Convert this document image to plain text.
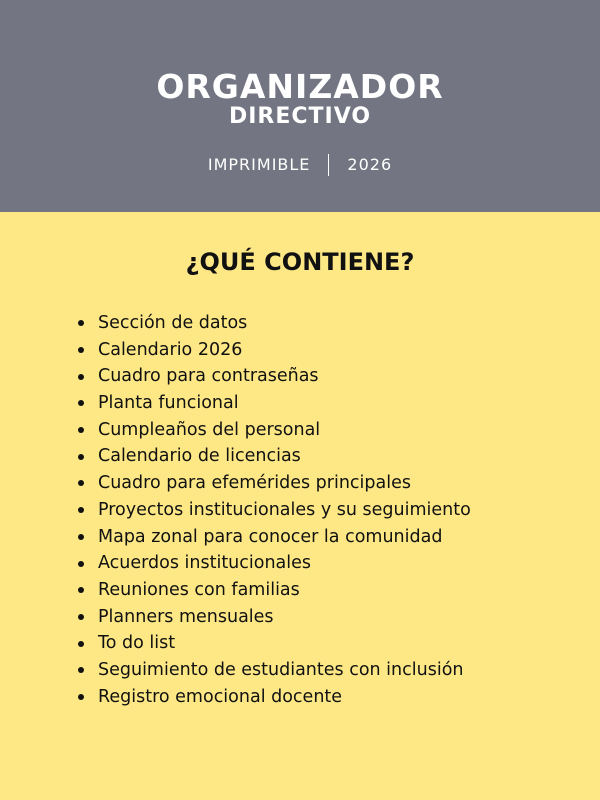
ORGANIZADOR
DIRECTIVO
IMPRIMIBLE 2026
¿QUÉ CONTIENE?
Sección de datos
Calendario 2026
Cuadro para contraseñas
Planta funcional
Cumpleaños del personal
Calendario de licencias
Cuadro para efemérides principales
Proyectos institucionales y su seguimiento
Mapa zonal para conocer la comunidad
Acuerdos institucionales
Reuniones con familias
Planners mensuales
To do list
Seguimiento de estudiantes con inclusión
Registro emocional docente
